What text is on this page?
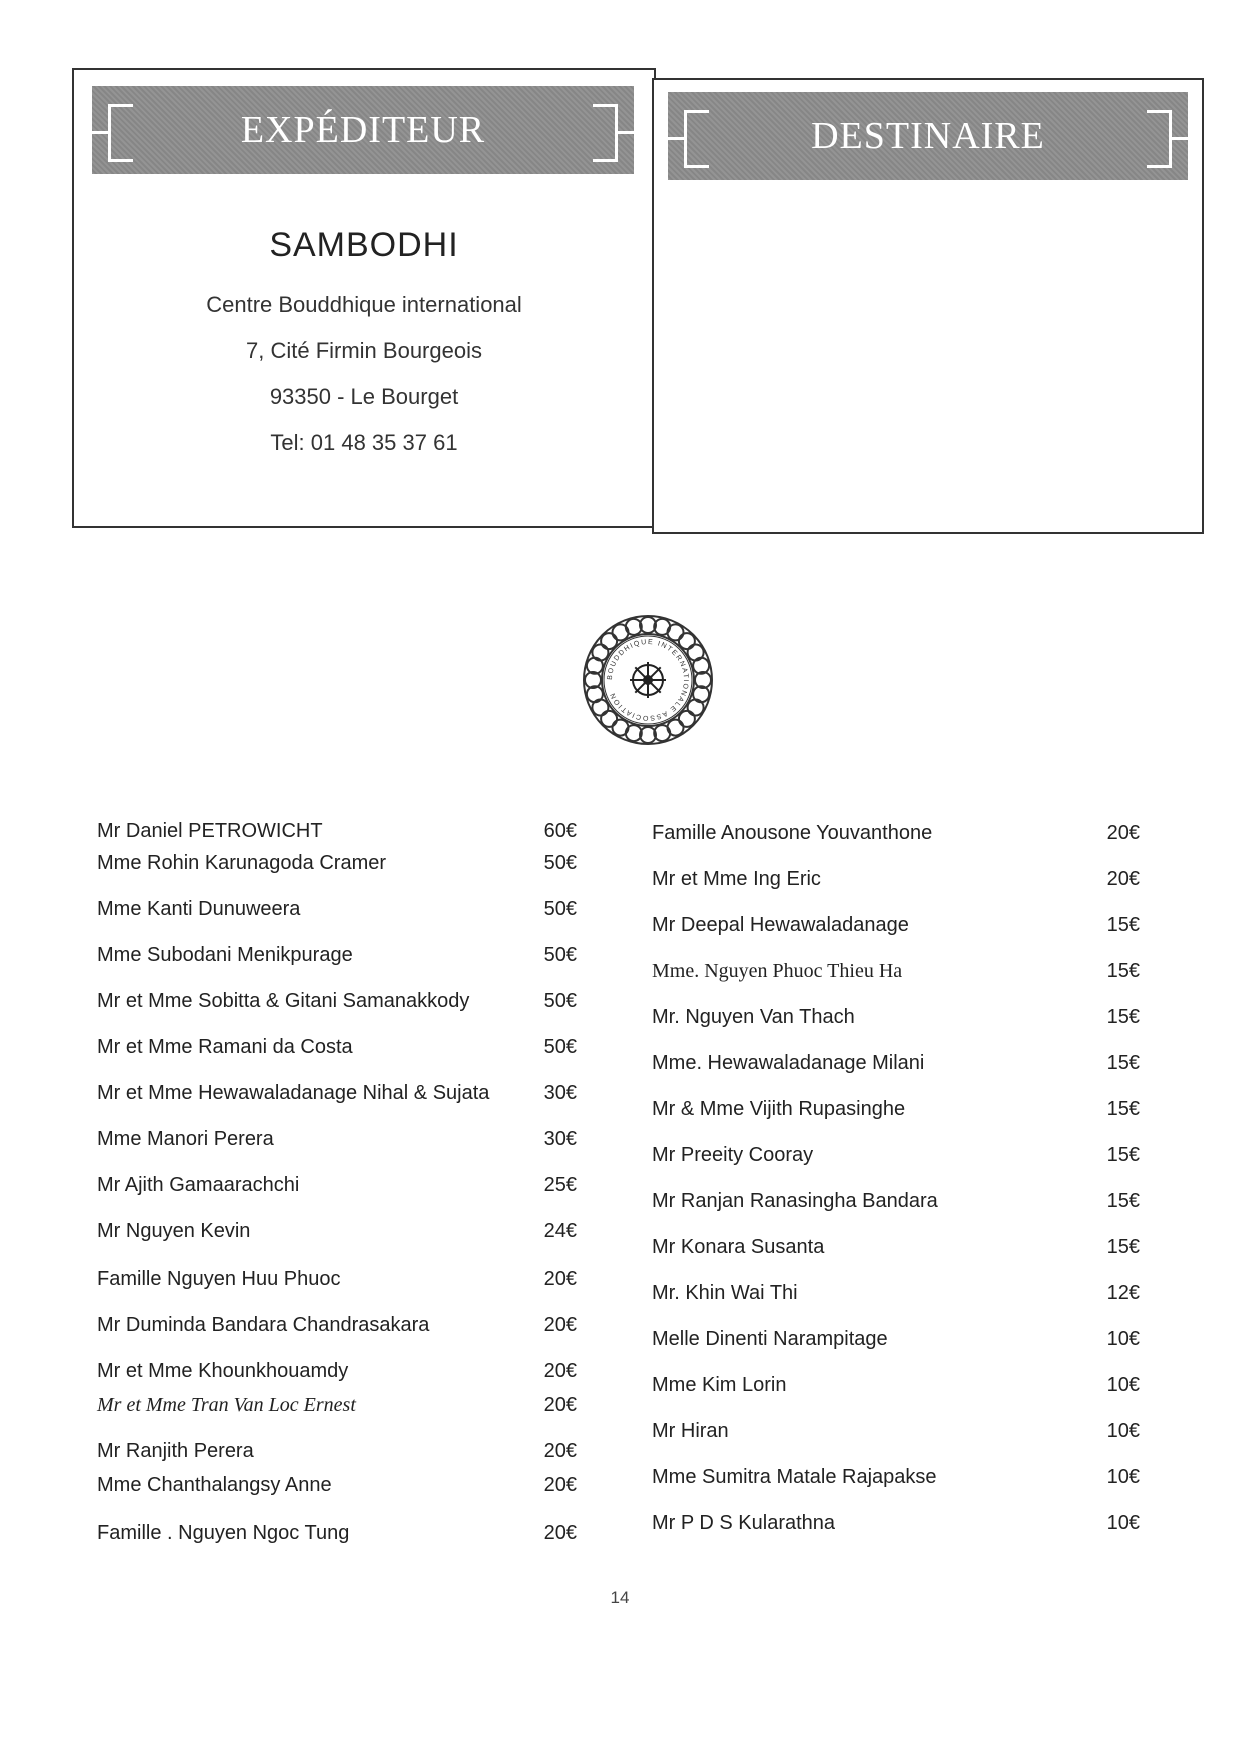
EXPÉDITEUR
SAMBODHI
Centre Bouddhique international
7, Cité Firmin Bourgeois
93350 - Le Bourget
Tel: 01 48 35 37 61
DESTINAIRE
BOUDDHIQUE INTERNATIONALE ASSOCIATION
Mr Daniel PETROWICHT	60€
Mme Rohin Karunagoda Cramer	50€
Mme Kanti Dunuweera	50€
Mme Subodani Menikpurage	50€
Mr et Mme Sobitta & Gitani Samanakkody	50€
Mr et Mme Ramani da Costa	50€
Mr et Mme Hewawaladanage Nihal & Sujata	30€
Mme Manori Perera	30€
Mr Ajith Gamaarachchi	25€
Mr Nguyen Kevin	24€
Famille Nguyen Huu Phuoc	20€
Mr Duminda Bandara Chandrasakara	20€
Mr et Mme Khounkhouamdy	20€
Mr et Mme Tran Van Loc Ernest	20€
Mr Ranjith Perera	20€
Mme Chanthalangsy Anne	20€
Famille . Nguyen Ngoc Tung	20€
Famille Anousone Youvanthone	20€
Mr et Mme Ing Eric	20€
Mr Deepal Hewawaladanage	15€
Mme. Nguyen Phuoc Thieu Ha	15€
Mr. Nguyen Van Thach	15€
Mme. Hewawaladanage Milani	15€
Mr & Mme Vijith Rupasinghe	15€
Mr Preeity Cooray	15€
Mr Ranjan Ranasingha Bandara	15€
Mr Konara Susanta	15€
Mr. Khin Wai Thi	12€
Melle Dinenti Narampitage	10€
Mme Kim Lorin	10€
Mr Hiran	10€
Mme Sumitra Matale Rajapakse	10€
Mr P D S Kularathna	10€
14
